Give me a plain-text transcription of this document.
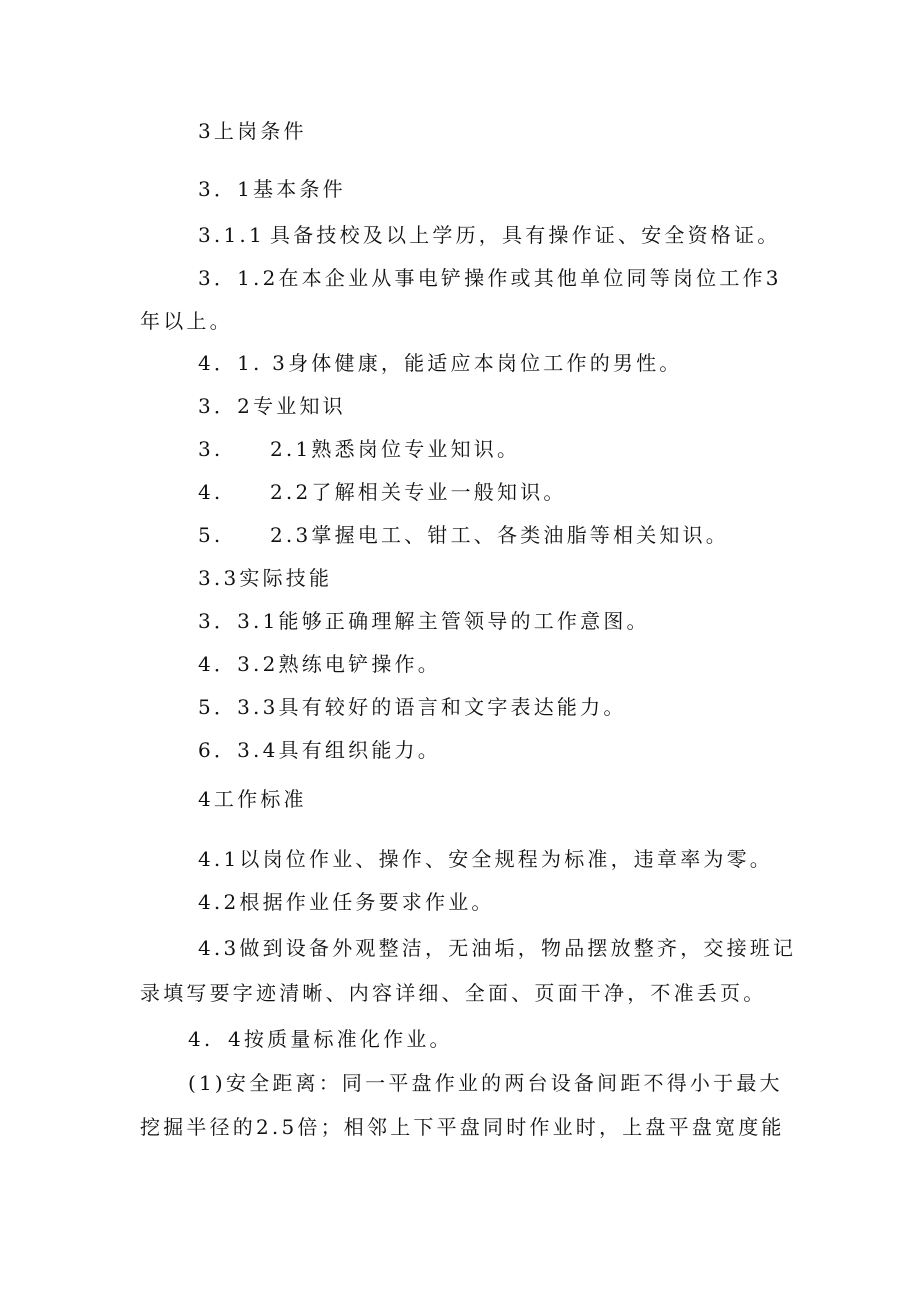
3上岗条件
3．1基本条件
3.1.1 具备技校及以上学历，具有操作证、安全资格证。
3．1.2在本企业从事电铲操作或其他单位同等岗位工作3
年以上。
4．1. 3身体健康，能适应本岗位工作的男性。
3．2专业知识
3. 2.1熟悉岗位专业知识。
4. 2.2了解相关专业一般知识。
5. 2.3掌握电工、钳工、各类油脂等相关知识。
3.3实际技能
3．3.1能够正确理解主管领导的工作意图。
4．3.2熟练电铲操作。
5．3.3具有较好的语言和文字表达能力。
6．3.4具有组织能力。
4工作标准
4.1以岗位作业、操作、安全规程为标准，违章率为零。
4.2根据作业任务要求作业。
4.3做到设备外观整洁，无油垢，物品摆放整齐，交接班记
录填写要字迹清晰、内容详细、全面、页面干净，不准丢页。
4. 4按质量标准化作业。
(1)安全距离：同一平盘作业的两台设备间距不得小于最大
挖掘半径的2.5倍；相邻上下平盘同时作业时，上盘平盘宽度能
